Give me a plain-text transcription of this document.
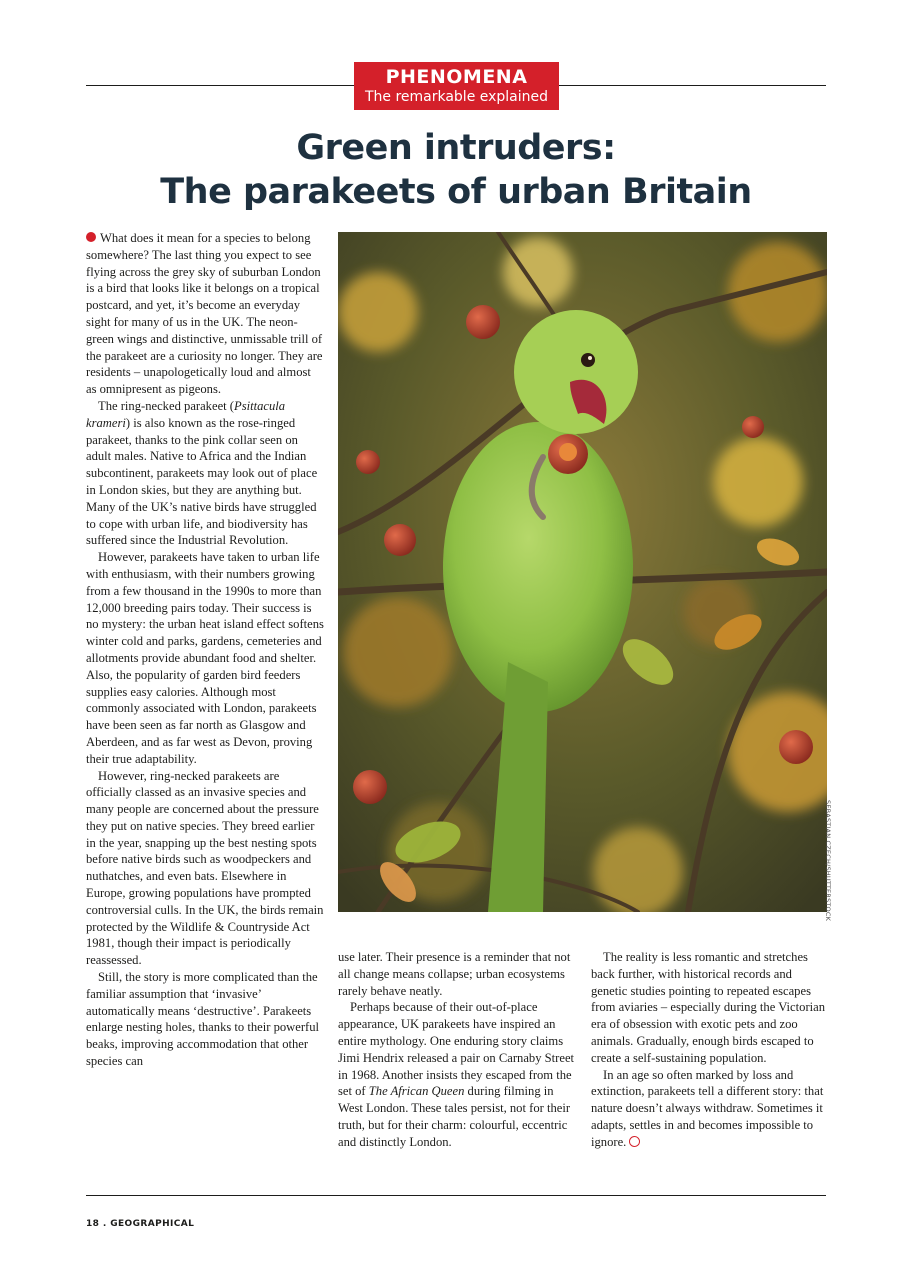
PHENOMENA
The remarkable explained
Green intruders:
The parakeets of urban Britain

What does it mean for a species to belong somewhere? The last thing you expect to see flying across the grey sky of suburban London is a bird that looks like it belongs on a tropical postcard, and yet, it’s become an everyday sight for many of us in the UK. The neon-green wings and distinctive, unmissable trill of the parakeet are a curiosity no longer. They are residents – unapologetically loud and almost as omnipresent as pigeons.

The ring-necked parakeet (Psittacula krameri) is also known as the rose-ringed parakeet, thanks to the pink collar seen on adult males. Native to Africa and the Indian subcontinent, parakeets may look out of place in London skies, but they are anything but. Many of the UK’s native birds have struggled to cope with urban life, and biodiversity has suffered since the Industrial Revolution.

However, parakeets have taken to urban life with enthusiasm, with their numbers growing from a few thousand in the 1990s to more than 12,000 breeding pairs today. Their success is no mystery: the urban heat island effect softens winter cold and parks, gardens, cemeteries and allotments provide abundant food and shelter. Also, the popularity of garden bird feeders supplies easy calories. Although most commonly associated with London, parakeets have been seen as far north as Glasgow and Aberdeen, and as far west as Devon, proving their true adaptability.

However, ring-necked parakeets are officially classed as an invasive species and many people are concerned about the pressure they put on native species. They breed earlier in the year, snapping up the best nesting spots before native birds such as woodpeckers and nuthatches, and even bats. Elsewhere in Europe, growing populations have prompted controversial culls. In the UK, the birds remain protected by the Wildlife & Countryside Act 1981, though their impact is periodically reassessed.

Still, the story is more complicated than the familiar assumption that ‘invasive’ automatically means ‘destructive’. Parakeets enlarge nesting holes, thanks to their powerful beaks, improving accommodation that other species can

SEBASTIAN CZECH/SHUTTERSTOCK

use later. Their presence is a reminder that not all change means collapse; urban ecosystems rarely behave neatly.

Perhaps because of their out-of-place appearance, UK parakeets have inspired an entire mythology. One enduring story claims Jimi Hendrix released a pair on Carnaby Street in 1968. Another insists they escaped from the set of The African Queen during filming in West London. These tales persist, not for their truth, but for their charm: colourful, eccentric and distinctly London.

The reality is less romantic and stretches back further, with historical records and genetic studies pointing to repeated escapes from aviaries – especially during the Victorian era of obsession with exotic pets and zoo animals. Gradually, enough birds escaped to create a self-sustaining population.

In an age so often marked by loss and extinction, parakeets tell a different story: that nature doesn’t always withdraw. Sometimes it adapts, settles in and becomes impossible to ignore.

18 . GEOGRAPHICAL
